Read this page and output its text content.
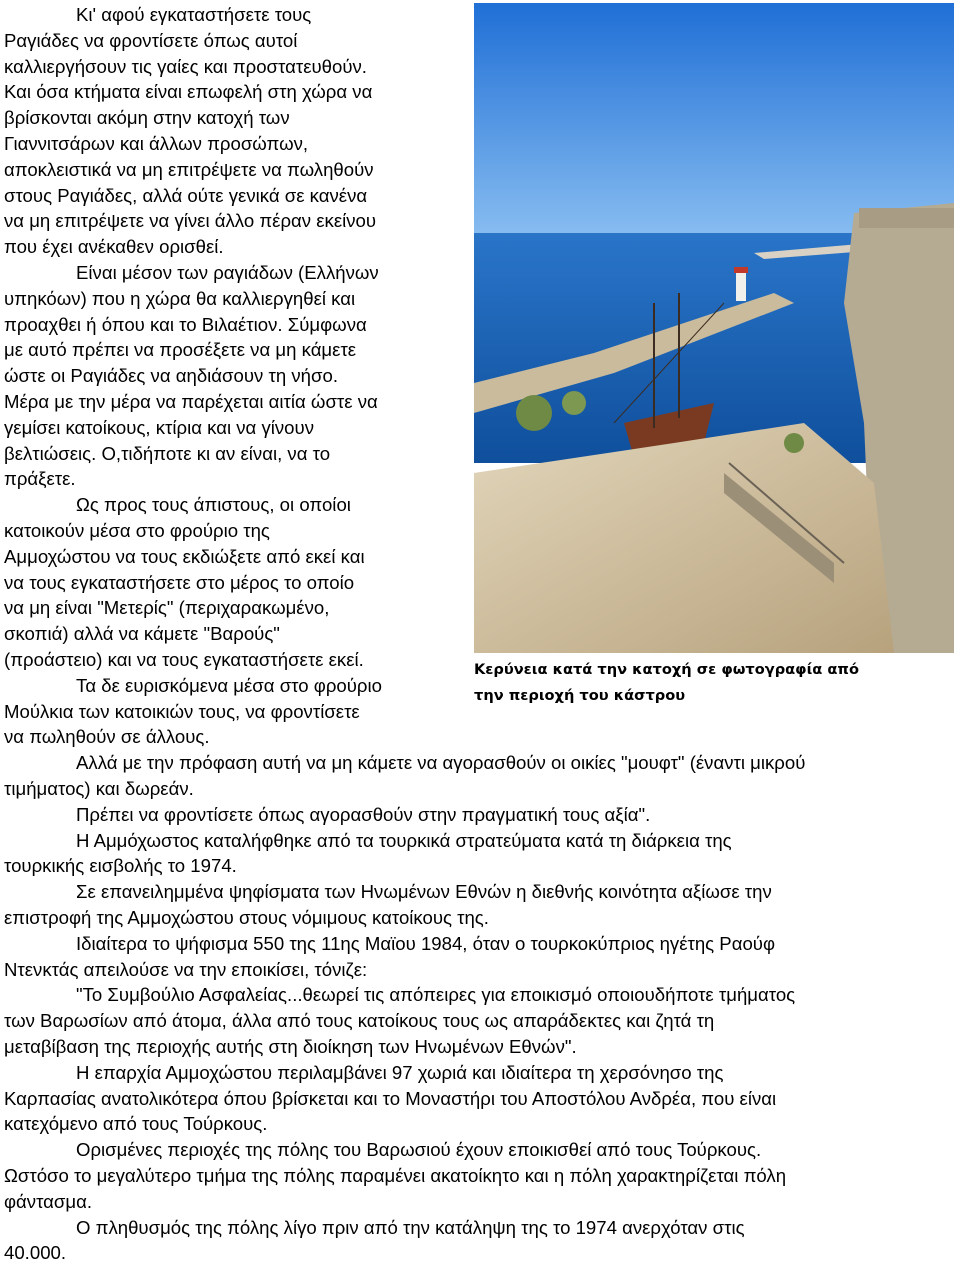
Κι' αφού εγκαταστήσετε τους

Ραγιάδες να φροντίσετε όπως αυτοί

καλλιεργήσουν τις γαίες και προστατευθούν.

Και όσα κτήματα είναι επωφελή στη χώρα να

βρίσκονται ακόμη στην κατοχή των

Γιαννιτσάρων και άλλων προσώπων,

αποκλειστικά να μη επιτρέψετε να πωληθούν

στους Ραγιάδες, αλλά ούτε γενικά σε κανένα

να μη επιτρέψετε να γίνει άλλο πέραν εκείνου

που έχει ανέκαθεν ορισθεί.

Είναι μέσον των ραγιάδων (Ελλήνων

υπηκόων) που η χώρα θα καλλιεργηθεί και

προαχθει ή όπου και το Βιλαέτιον. Σύμφωνα

με αυτό πρέπει να προσέξετε να μη κάμετε

ώστε οι Ραγιάδες να αηδιάσουν τη νήσο.

Μέρα με την μέρα να παρέχεται αιτία ώστε να

γεμίσει κατοίκους, κτίρια και να γίνουν

βελτιώσεις. Ο,τιδήποτε κι αν είναι, να το

πράξετε.

Ως προς τους άπιστους, οι οποίοι

κατοικούν μέσα στο φρούριο της

Αμμοχώστου να τους εκδιώξετε από εκεί και

να τους εγκαταστήσετε στο μέρος το οποίο

να μη είναι "Μετερίς" (περιχαρακωμένο,

σκοπιά) αλλά να κάμετε "Βαρούς"

(προάστειο) και να τους εγκαταστήσετε εκεί.

Τα δε ευρισκόμενα μέσα στο φρούριο

Μούλκια των κατοικιών τους, να φροντίσετε

να πωληθούν σε άλλους.

Αλλά με την πρόφαση αυτή να μη κάμετε να αγορασθούν οι οικίες "μουφτ" (έναντι μικρού

τιμήματος) και δωρεάν.

Πρέπει να φροντίσετε όπως αγορασθούν στην πραγματική τους αξία".

Η Αμμόχωστος καταλήφθηκε από τα τουρκικά στρατεύματα κατά τη διάρκεια της

τουρκικής εισβολής το 1974.

Σε επανειλημμένα ψηφίσματα των Ηνωμένων Εθνών η διεθνής κοινότητα αξίωσε την

επιστροφή της Αμμοχώστου στους νόμιμους κατοίκους της.

Ιδιαίτερα το ψήφισμα 550 της 11ης Μαϊου 1984, όταν ο τουρκοκύπριος ηγέτης Ραούφ

Ντενκτάς απειλούσε να την εποικίσει, τόνιζε:

"Το Συμβούλιο Ασφαλείας...θεωρεί τις απόπειρες για εποικισμό οποιουδήποτε τμήματος

των Βαρωσίων από άτομα, άλλα από τους κατοίκους τους ως απαράδεκτες και ζητά τη

μεταβίβαση της περιοχής αυτής στη διοίκηση των Ηνωμένων Εθνών".

Η επαρχία Αμμοχώστου περιλαμβάνει 97 χωριά και ιδιαίτερα τη χερσόνησο της

Καρπασίας ανατολικότερα όπου βρίσκεται και το Μοναστήρι του Αποστόλου Ανδρέα, που είναι

κατεχόμενο από τους Τούρκους.

Ορισμένες περιοχές της πόλης του Βαρωσιού έχουν εποικισθεί από τους Τούρκους.

Ωστόσο το μεγαλύτερο τμήμα της πόλης παραμένει ακατοίκητο και η πόλη χαρακτηρίζεται πόλη

φάντασμα.

Ο πληθυσμός της πόλης λίγο πριν από την κατάληψη της το 1974 ανερχόταν στις

40.000.

Κερύνεια κατά την κατοχή σε φωτογραφία από
την περιοχή του κάστρου
